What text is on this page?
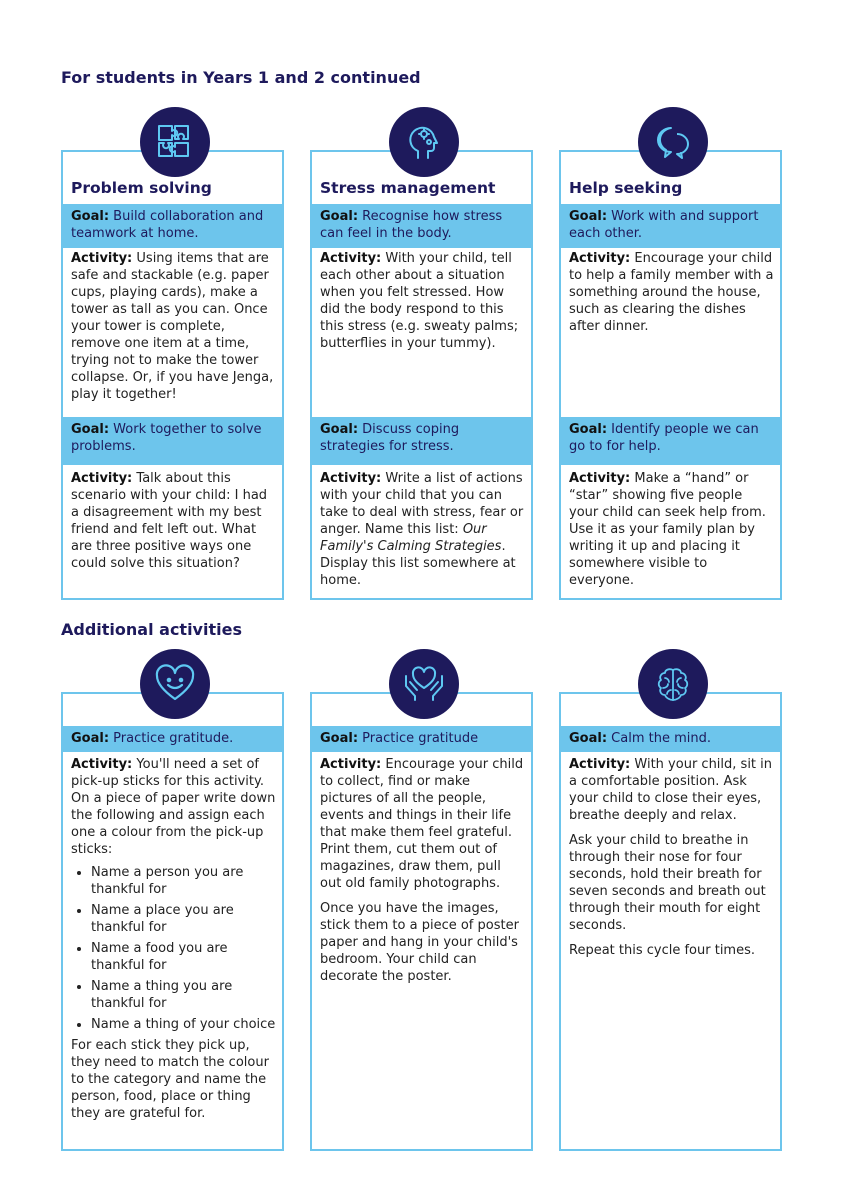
For students in Years 1 and 2 continued
Problem solving
Goal: Build collaboration and teamwork at home.
Activity: Using items that are safe and stackable (e.g. paper cups, playing cards), make a tower as tall as you can. Once your tower is complete, remove one item at a time, trying not to make the tower collapse. Or, if you have Jenga, play it together!
Goal: Work together to solve problems.
Activity: Talk about this scenario with your child: I had a disagreement with my best friend and felt left out. What are three positive ways one could solve this situation?
Stress management
Goal: Recognise how stress can feel in the body.
Activity: With your child, tell each other about a situation when you felt stressed. How did the body respond to this this stress (e.g. sweaty palms; butterflies in your tummy).
Goal: Discuss coping strategies for stress.
Activity: Write a list of actions with your child that you can take to deal with stress, fear or anger. Name this list: Our Family's Calming Strategies. Display this list somewhere at home.
Help seeking
Goal: Work with and support each other.
Activity: Encourage your child to help a family member with a something around the house, such as clearing the dishes after dinner.
Goal: Identify people we can go to for help.
Activity: Make a “hand” or “star” showing five people your child can seek help from. Use it as your family plan by writing it up and placing it somewhere visible to everyone.
Additional activities
Goal: Practice gratitude.
Activity: You'll need a set of pick-up sticks for this activity. On a piece of paper write down the following and assign each one a colour from the pick-up sticks:
• Name a person you are thankful for
• Name a place you are thankful for
• Name a food you are thankful for
• Name a thing you are thankful for
• Name a thing of your choice
For each stick they pick up, they need to match the colour to the category and name the person, food, place or thing they are grateful for.
Goal: Practice gratitude

Activity: Encourage your child to collect, find or make pictures of all the people, events and things in their life that make them feel grateful. Print them, cut them out of magazines, draw them, pull out old family photographs.

Once you have the images, stick them to a piece of poster paper and hang in your child's bedroom. Your child can decorate the poster.

Goal: Calm the mind.

Activity: With your child, sit in a comfortable position. Ask your child to close their eyes, breathe deeply and relax.

Ask your child to breathe in through their nose for four seconds, hold their breath for seven seconds and breath out through their mouth for eight seconds.

Repeat this cycle four times.
